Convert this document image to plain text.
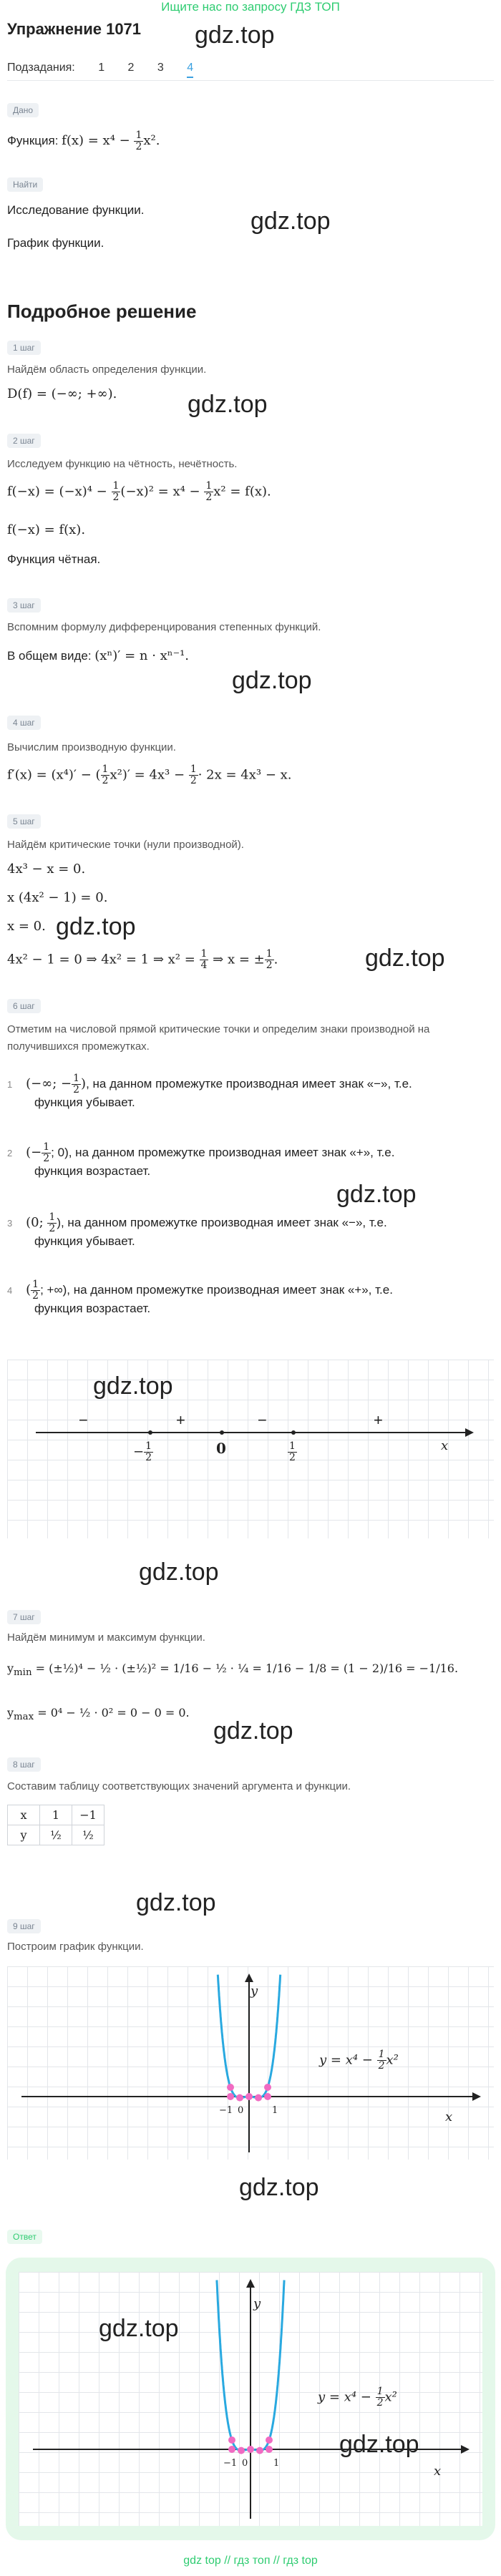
Ищите нас по запросу ГДЗ ТОП
Упражнение 1071 gdz.top
Подзадания: 1 2 3 4
Дано
Функция: $f(x) = x^4 - \frac{1}{2} x^2$.
Найти
Исследование функции.
График функции.
gdz.top
Подробное решение
1 шаг
Найдём область определения функции.
D(f) = (−∞; +∞).	gdz.top
2 шаг
Исследуем функцию на чётность, нечётность.
$f(-x) = (-x)^4 - \frac{1}{2} (-x)^2 = x^4 - \frac{1}{2} x^2 = f(x)$.
f(−x) = f(x).
Функция чётная.
3 шаг
Вспомним формулу дифференцирования степенных функций.
В общем виде: (xⁿ)′ = n · xⁿ⁻¹.
gdz.top
4 шаг
Вычислим производную функции.
f′(x) = (x⁴)′ − ( $\frac{1}{2} x^2)' = 4x^3 - \frac{1}{2} \cdot 2x = 4x^3 - x$.
5 шаг
Найдём критические точки (нули производной).
4x³ − x = 0.
x (4x² − 1) = 0.
x = 0. gdz.top
4x² − 1 = 0 ⇒ 4x² = 1 ⇒ $x^2 = \frac{1}{4}$ ⇒ x = ± $\frac{1}{2}$ .	gdz.top
6 шаг
Отметим на числовой прямой критические точки и определим знаки производной на
получившихся промежутках.
1 (−∞; − $\frac{1}{2}$ ), на данном промежутке производная имеет знак «−», т.е.
функция убывает.
2 (− $\frac{1}{2}$ ; 0), на данном промежутке производная имеет знак «+», т.е.
функция возрастает.
gdz.top
3 (0; $\frac{1}{2}$ ), на данном промежутке производная имеет знак «−», т.е.
функция убывает.
4 ( $\frac{1}{2}$ ; +∞), на данном промежутке производная имеет знак «+», т.е.
функция возрастает.
gdz.top
−	+	−	+
0	x
− $\frac{1}{2}$	$\frac{1}{2}$
gdz.top
7 шаг
Найдём минимум и максимум функции.
$y_{min}$ = (±½)⁴ − ½ · (±½)² = 1/16 − ½ · ¼ = 1/16 − 1/8 = (1 − 2)/16 = −1/16.
$y_{max} = 0^4$ − ½ · 0² = 0 − 0 = 0.
gdz.top
8 шаг
Составим таблицу соответствующих значений аргумента и функции.
x	1	−1
y	½	½
gdz.top
9 шаг
Построим график функции.
y
x
−1 0	1
$y = x^4 - \frac{1}{2} x^2$
gdz.top
Ответ
y
x
−1 0	1
$y = x^4 - \frac{1}{2} x^2$
gdz.top
gdz.top
gdz top // гдз топ // гдз top
